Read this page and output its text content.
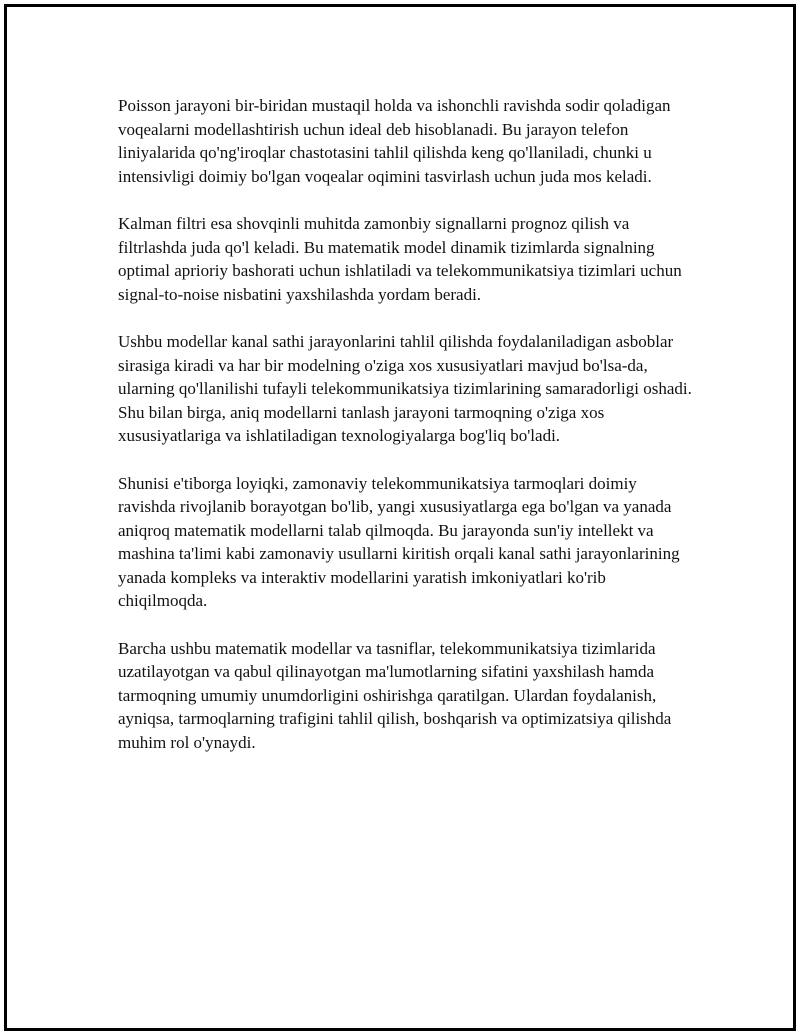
Poisson jarayoni bir-biridan mustaqil holda va ishonchli ravishda sodir qoladigan voqealarni modellashtirish uchun ideal deb hisoblanadi. Bu jarayon telefon liniyalarida qo'ng'iroqlar chastotasini tahlil qilishda keng qo'llaniladi, chunki u intensivligi doimiy bo'lgan voqealar oqimini tasvirlash uchun juda mos keladi.

Kalman filtri esa shovqinli muhitda zamonbiy signallarni prognoz qilish va filtrlashda juda qo'l keladi. Bu matematik model dinamik tizimlarda signalning optimal aprioriy bashorati uchun ishlatiladi va telekommunikatsiya tizimlari uchun signal-to-noise nisbatini yaxshilashda yordam beradi.

Ushbu modellar kanal sathi jarayonlarini tahlil qilishda foydalaniladigan asboblar sirasiga kiradi va har bir modelning o'ziga xos xususiyatlari mavjud bo'lsa-da, ularning qo'llanilishi tufayli telekommunikatsiya tizimlarining samaradorligi oshadi. Shu bilan birga, aniq modellarni tanlash jarayoni tarmoqning o'ziga xos xususiyatlariga va ishlatiladigan texnologiyalarga bog'liq bo'ladi.

Shunisi e'tiborga loyiqki, zamonaviy telekommunikatsiya tarmoqlari doimiy ravishda rivojlanib borayotgan bo'lib, yangi xususiyatlarga ega bo'lgan va yanada aniqroq matematik modellarni talab qilmoqda. Bu jarayonda sun'iy intellekt va mashina ta'limi kabi zamonaviy usullarni kiritish orqali kanal sathi jarayonlarining yanada kompleks va interaktiv modellarini yaratish imkoniyatlari ko'rib chiqilmoqda.

Barcha ushbu matematik modellar va tasniflar, telekommunikatsiya tizimlarida uzatilayotgan va qabul qilinayotgan ma'lumotlarning sifatini yaxshilash hamda tarmoqning umumiy unumdorligini oshirishga qaratilgan. Ulardan foydalanish, ayniqsa, tarmoqlarning trafigini tahlil qilish, boshqarish va optimizatsiya qilishda muhim rol o'ynaydi.
